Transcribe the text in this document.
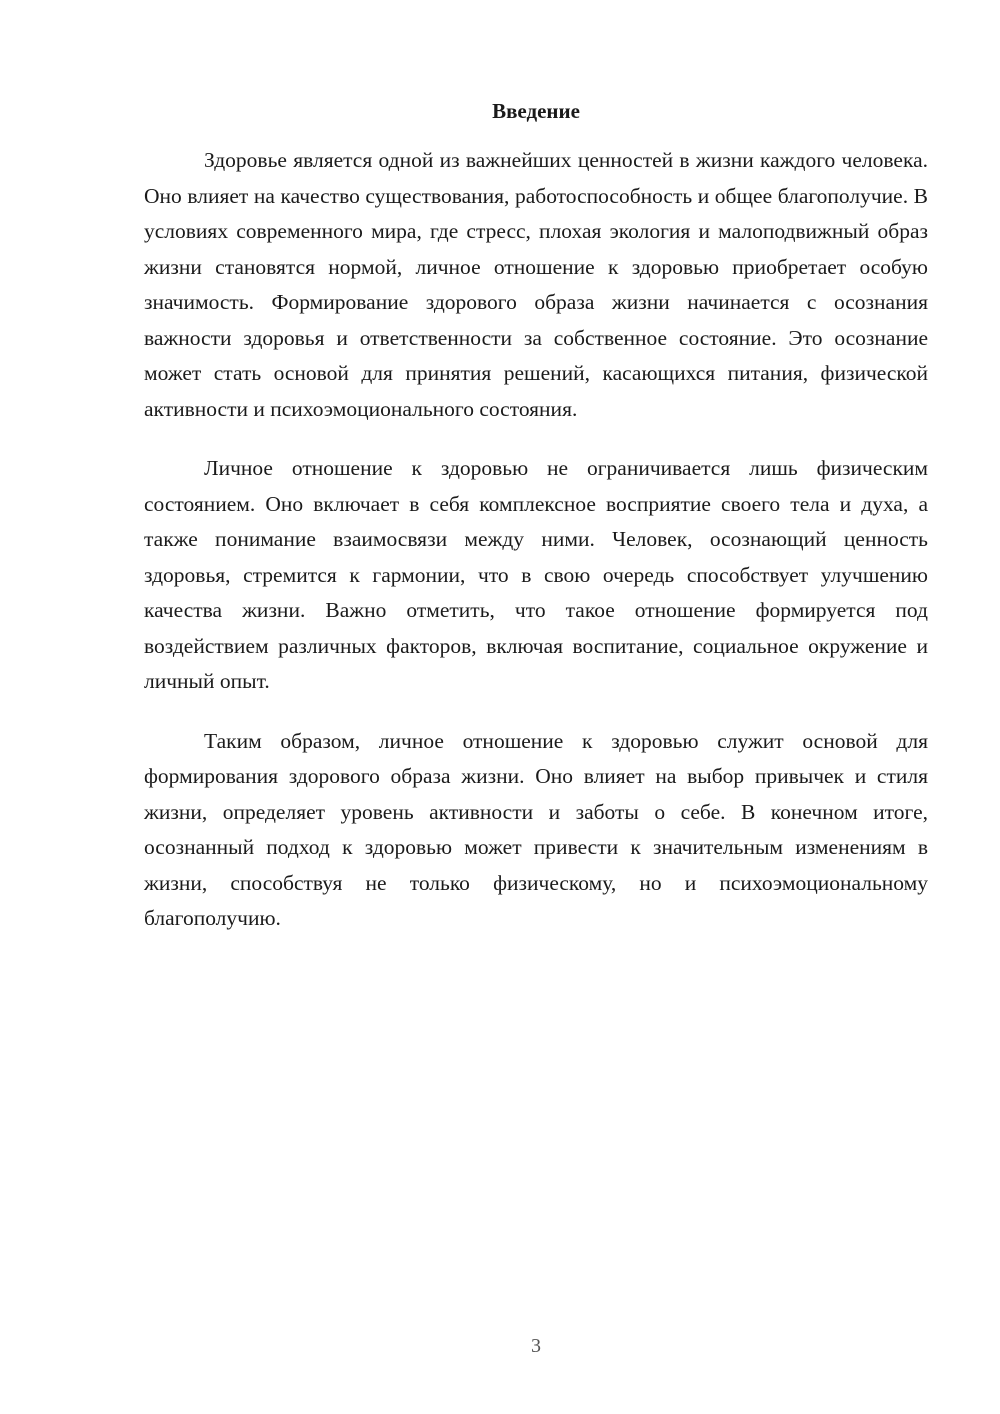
Введение

Здоровье является одной из важнейших ценностей в жизни каждого человека. Оно влияет на качество существования, работоспособность и общее благополучие. В условиях современного мира, где стресс, плохая экология и малоподвижный образ жизни становятся нормой, личное отношение к здоровью приобретает особую значимость. Формирование здорового образа жизни начинается с осознания важности здоровья и ответственности за собственное состояние. Это осознание может стать основой для принятия решений, касающихся питания, физической активности и психоэмоционального состояния.

Личное отношение к здоровью не ограничивается лишь физическим состоянием. Оно включает в себя комплексное восприятие своего тела и духа, а также понимание взаимосвязи между ними. Человек, осознающий ценность здоровья, стремится к гармонии, что в свою очередь способствует улучшению качества жизни. Важно отметить, что такое отношение формируется под воздействием различных факторов, включая воспитание, социальное окружение и личный опыт.

Таким образом, личное отношение к здоровью служит основой для формирования здорового образа жизни. Оно влияет на выбор привычек и стиля жизни, определяет уровень активности и заботы о себе. В конечном итоге, осознанный подход к здоровью может привести к значительным изменениям в жизни, способствуя не только физическому, но и психоэмоциональному благополучию.

3
